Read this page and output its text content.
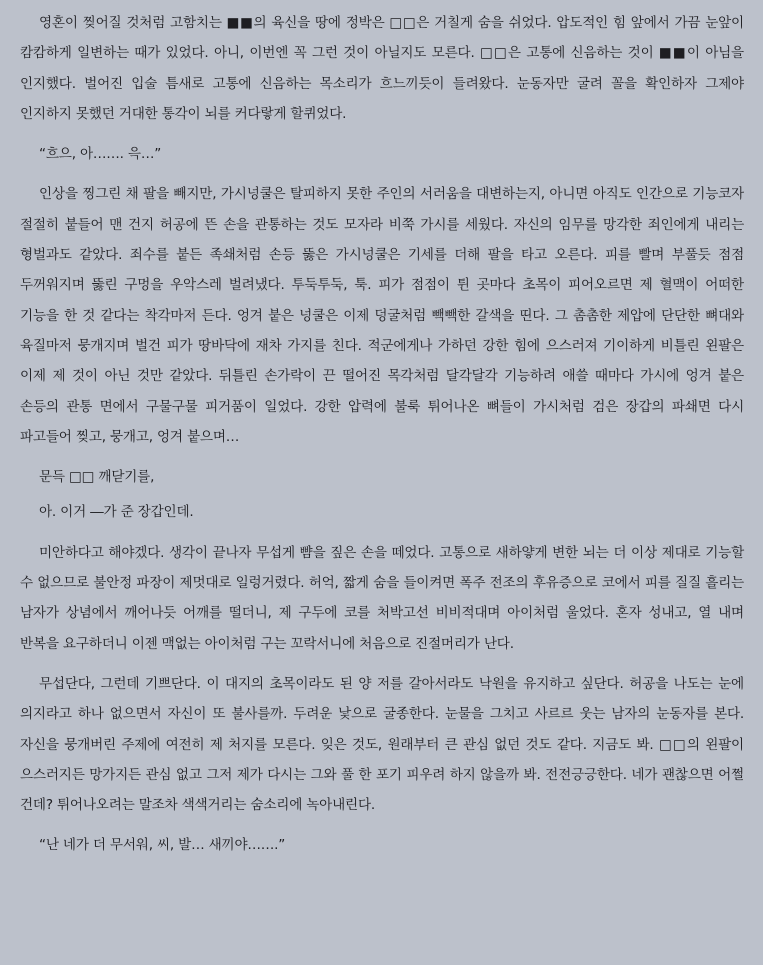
영혼이 찢어질 것처럼 고함치는 ■■의 육신을 땅에 정박은 □□은 거칠게 숨을 쉬었다. 압도적인 힘 앞에서 가끔 눈앞이 캄캄하게 일변하는 때가 있었다. 아니, 이번엔 꼭 그런 것이 아닐지도 모른다. □□은 고통에 신음하는 것이 ■■이 아님을 인지했다. 벌어진 입술 틈새로 고통에 신음하는 목소리가 흐느끼듯이 들려왔다. 눈동자만 굴려 꼴을 확인하자 그제야 인지하지 못했던 거대한 통각이 뇌를 커다랗게 할퀴었다.

“흐으, 아……. 윽…”

인상을 찡그린 채 팔을 빼지만, 가시넝쿨은 탈피하지 못한 주인의 서러움을 대변하는지, 아니면 아직도 인간으로 기능코자 절절히 붙들어 맨 건지 허공에 뜬 손을 관통하는 것도 모자라 비쭉 가시를 세웠다. 자신의 임무를 망각한 죄인에게 내리는 형벌과도 같았다. 죄수를 붙든 족쇄처럼 손등 뚫은 가시넝쿨은 기세를 더해 팔을 타고 오른다. 피를 빨며 부풀듯 점점 두꺼워지며 뚫린 구멍을 우악스레 벌려냈다. 투둑투둑, 툭. 피가 점점이 튄 곳마다 초목이 피어오르면 제 혈맥이 어떠한 기능을 한 것 같다는 착각마저 든다. 엉겨 붙은 넝쿨은 이제 덩굴처럼 빽빽한 갈색을 띤다. 그 촘촘한 제압에 단단한 뼈대와 육질마저 뭉개지며 벌건 피가 땅바닥에 재차 가지를 친다. 적군에게나 가하던 강한 힘에 으스러져 기이하게 비틀린 왼팔은 이제 제 것이 아닌 것만 같았다. 뒤틀린 손가락이 끈 떨어진 목각처럼 달각달각 기능하려 애쓸 때마다 가시에 엉겨 붙은 손등의 관통 면에서 구물구물 피거품이 일었다. 강한 압력에 불룩 튀어나온 뼈들이 가시처럼 검은 장갑의 파쇄면 다시 파고들어 찢고, 뭉개고, 엉겨 붙으며…

문득 □□ 깨닫기를,

아. 이거 ―가 준 장갑인데.

미안하다고 해야겠다. 생각이 끝나자 무섭게 뺨을 짚은 손을 떼었다. 고통으로 새하얗게 변한 뇌는 더 이상 제대로 기능할 수 없으므로 불안정 파장이 제멋대로 일렁거렸다. 허억, 짧게 숨을 들이켜면 폭주 전조의 후유증으로 코에서 피를 질질 흘리는 남자가 상념에서 깨어나듯 어깨를 떨더니, 제 구두에 코를 처박고선 비비적대며 아이처럼 울었다. 혼자 성내고, 열 내며 반복을 요구하더니 이젠 맥없는 아이처럼 구는 꼬락서니에 처음으로 진절머리가 난다.

무섭단다, 그런데 기쁘단다. 이 대지의 초목이라도 된 양 저를 갈아서라도 낙원을 유지하고 싶단다. 허공을 나도는 눈에 의지라고 하나 없으면서 자신이 또 불사를까. 두려운 낯으로 굴종한다. 눈물을 그치고 사르르 웃는 남자의 눈동자를 본다. 자신을 뭉개버린 주제에 여전히 제 처지를 모른다. 잊은 것도, 원래부터 큰 관심 없던 것도 같다. 지금도 봐. □□의 왼팔이 으스러지든 망가지든 관심 없고 그저 제가 다시는 그와 풀 한 포기 피우려 하지 않을까 봐. 전전긍긍한다. 네가 괜찮으면 어쩔 건데? 튀어나오려는 말조차 색색거리는 숨소리에 녹아내린다.

“난 네가 더 무서워, 씨, 발… 새끼야…….”
